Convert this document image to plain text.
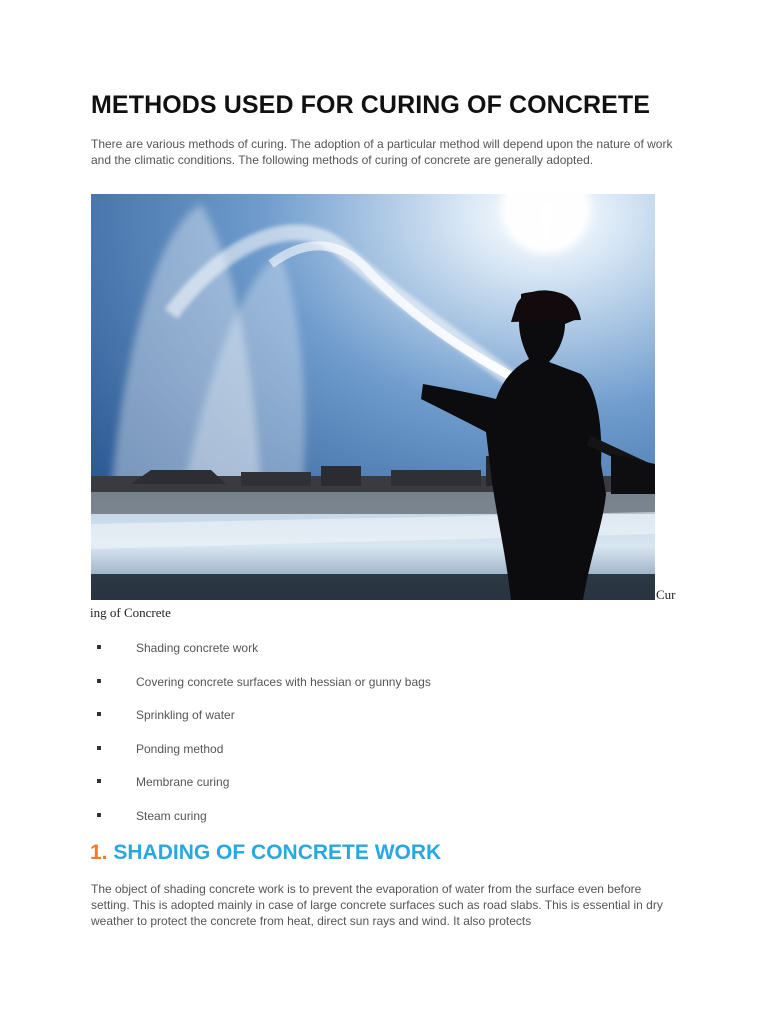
METHODS USED FOR CURING OF CONCRETE

There are various methods of curing. The adoption of a particular method will depend upon the nature of work and the climatic conditions. The following methods of curing of concrete are generally adopted.

Cur
ing of Concrete
Shading concrete work
Covering concrete surfaces with hessian or gunny bags
Sprinkling of water
Ponding method
Membrane curing
Steam curing
1. SHADING OF CONCRETE WORK

The object of shading concrete work is to prevent the evaporation of water from the surface even before setting. This is adopted mainly in case of large concrete surfaces such as road slabs. This is essential in dry weather to protect the concrete from heat, direct sun rays and wind. It also protects
